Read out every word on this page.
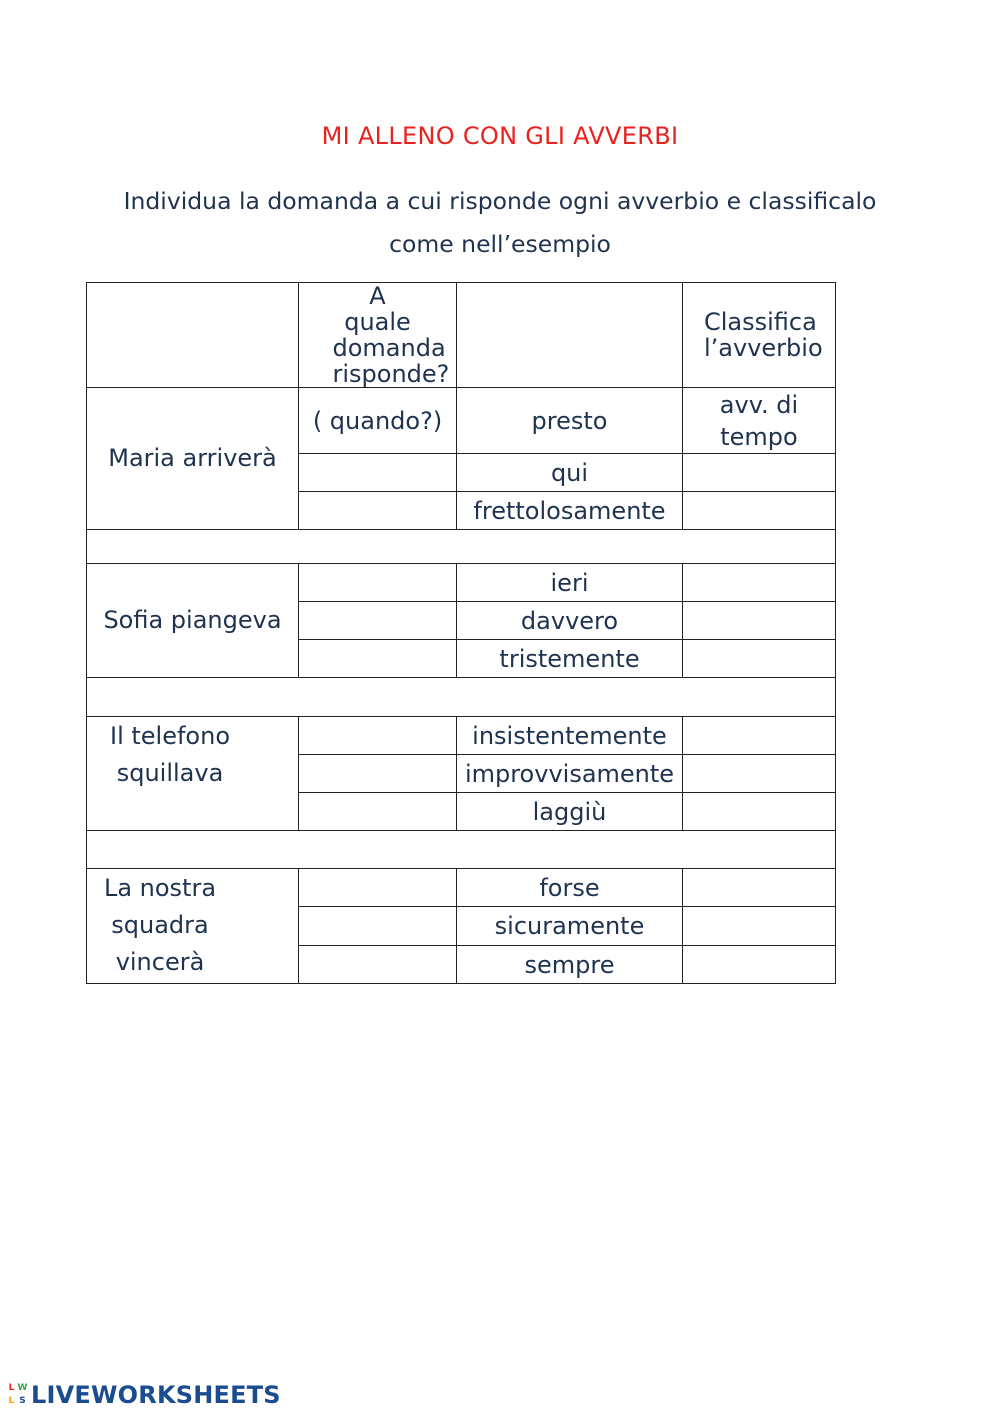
MI ALLENO CON GLI AVVERBI
Individua la domanda a cui risponde ogni avverbio e classificalo come nell’esempio

	A quale domanda risponde?		Classifica l’avverbio

Maria arriverà	( quando?)	presto	avv. di tempo

		qui	
		frettolosamente	

Sofia piangeva		ieri	
		davvero	
		tristemente	

Il telefono squillava		insistentemente	
		improvvisamente	
		laggiù	

La nostra squadra vincerà		forse	
		sicuramente	
		sempre	
L W
L S LIVEWORKSHEETS
